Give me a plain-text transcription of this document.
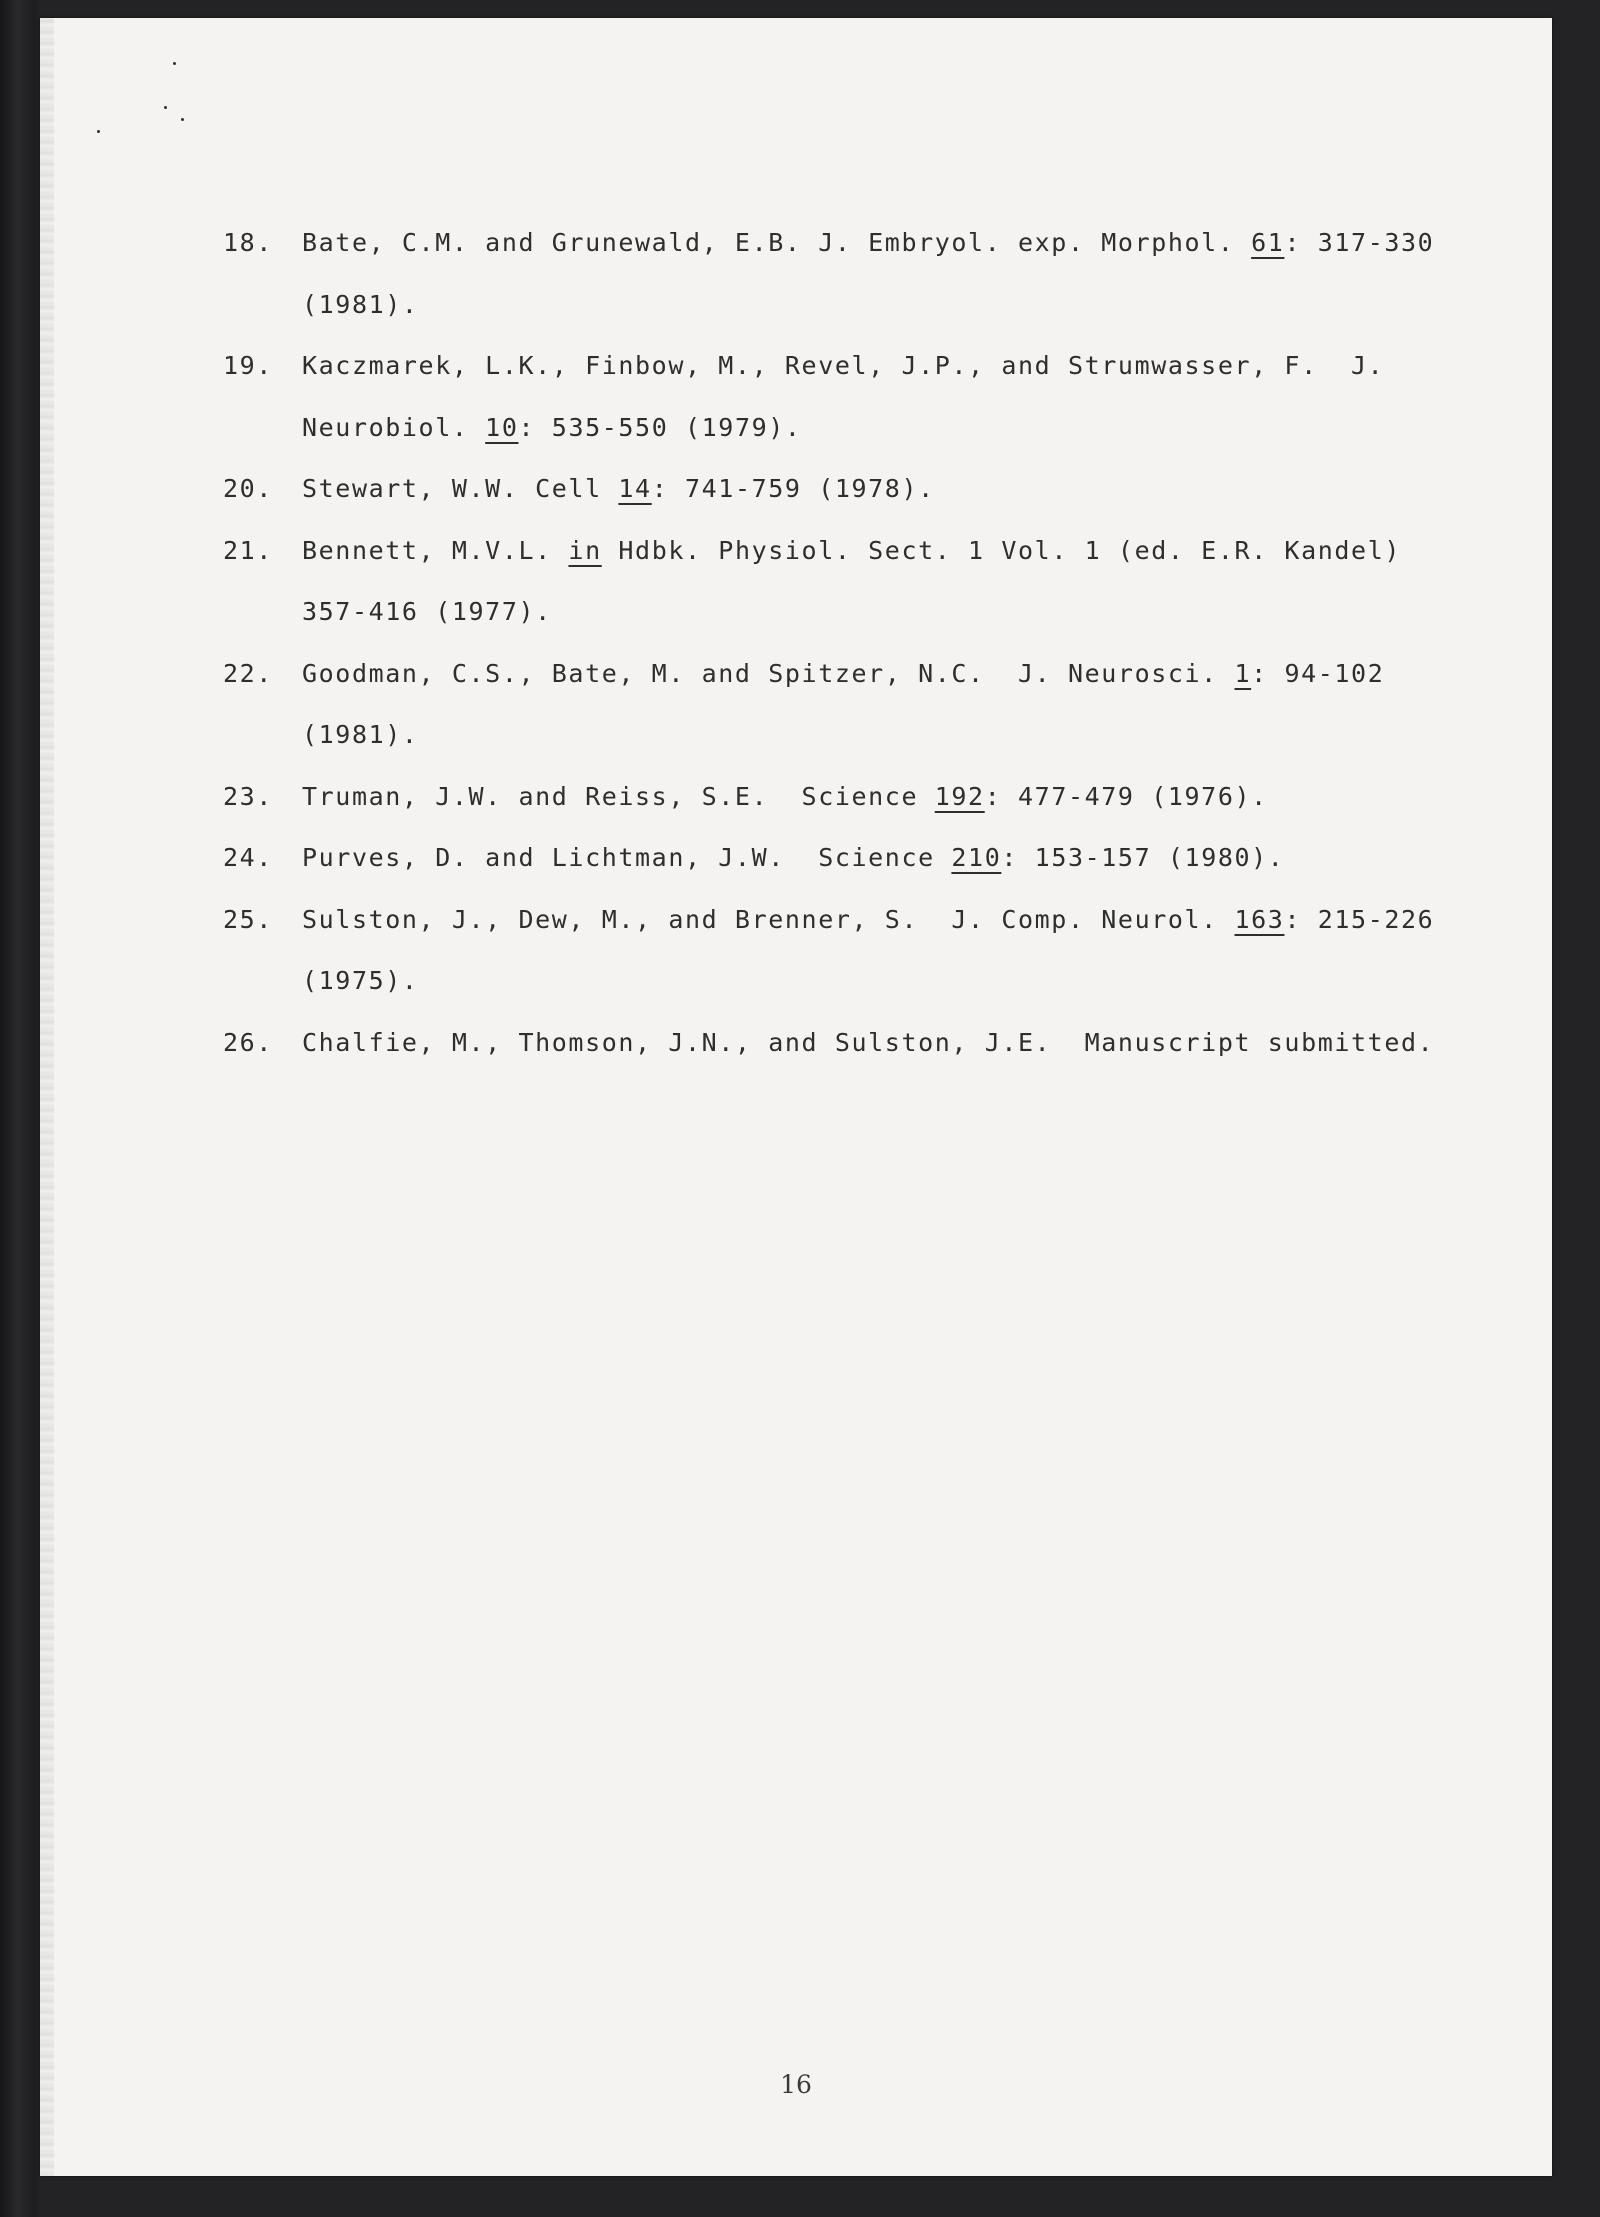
18. Bate, C.M. and Grunewald, E.B. J. Embryol. exp. Morphol. 61: 317-330
(1981).
19. Kaczmarek, L.K., Finbow, M., Revel, J.P., and Strumwasser, F.  J.
Neurobiol. 10: 535-550 (1979).
20. Stewart, W.W. Cell 14: 741-759 (1978).
21. Bennett, M.V.L. in Hdbk. Physiol. Sect. 1 Vol. 1 (ed. E.R. Kandel)
357-416 (1977).
22. Goodman, C.S., Bate, M. and Spitzer, N.C.  J. Neurosci. 1: 94-102
(1981).
23. Truman, J.W. and Reiss, S.E.  Science 192: 477-479 (1976).
24. Purves, D. and Lichtman, J.W.  Science 210: 153-157 (1980).
25. Sulston, J., Dew, M., and Brenner, S.  J. Comp. Neurol. 163: 215-226
(1975).
26. Chalfie, M., Thomson, J.N., and Sulston, J.E.  Manuscript submitted.
16
